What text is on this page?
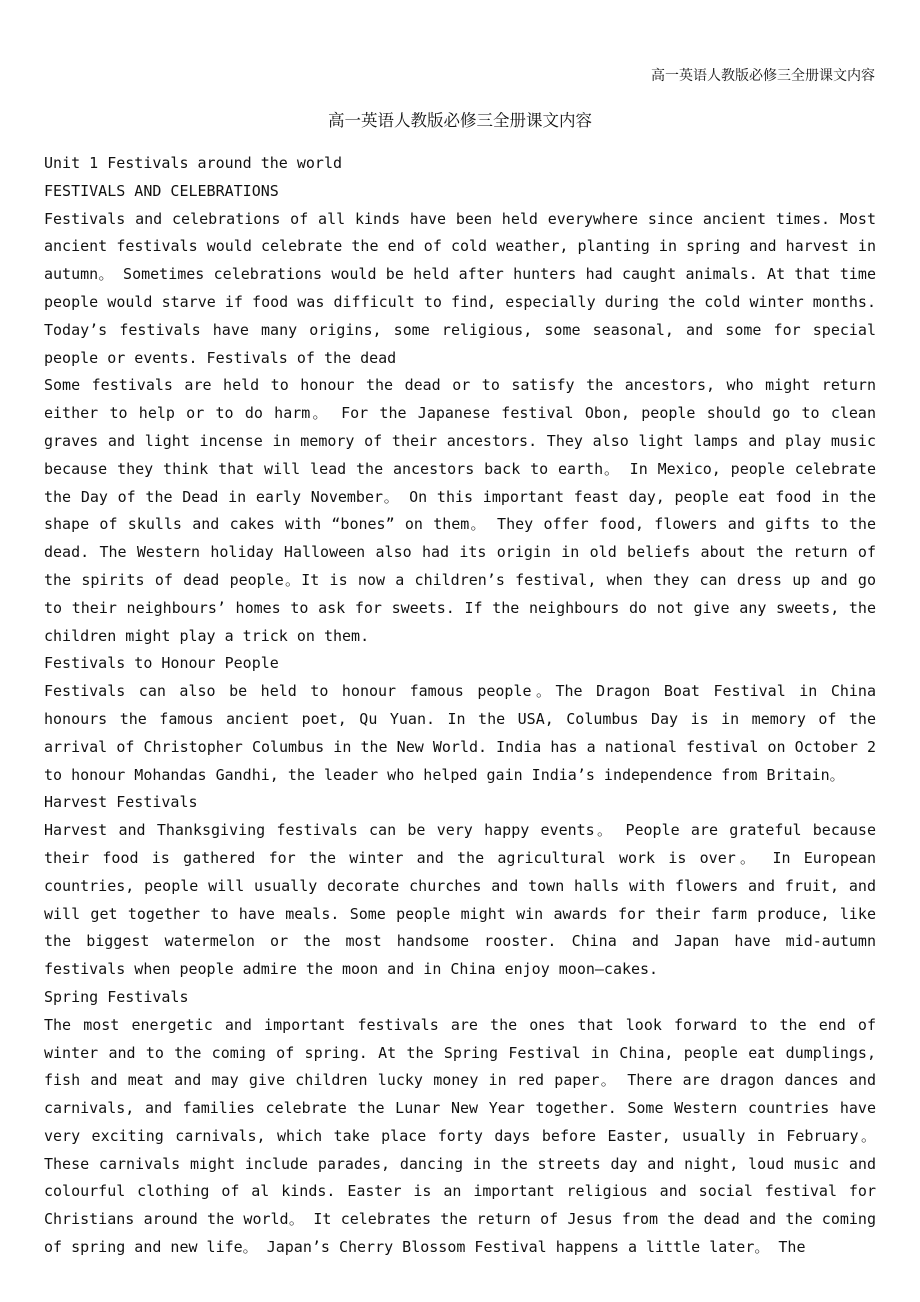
高一英语人教版必修三全册课文内容
高一英语人教版必修三全册课文内容

Unit 1 Festivals around the world

FESTIVALS AND CELEBRATIONS

Festivals and celebrations of all kinds have been held everywhere since ancient times. Most ancient festivals would celebrate the end of cold weather, planting in spring and harvest in autumn。 Sometimes celebrations would be held after hunters had caught animals. At that time people would starve if food was difficult to find, especially during the cold winter months. Today’s festivals have many origins, some religious, some seasonal, and some for special people or events. Festivals of the dead

Some festivals are held to honour the dead or to satisfy the ancestors, who might return either to help or to do harm。 For the Japanese festival Obon, people should go to clean graves and light incense in memory of their ancestors. They also light lamps and play music because they think that will lead the ancestors back to earth。 In Mexico, people celebrate the Day of the Dead in early November。 On this important feast day, people eat food in the shape of skulls and cakes with “bones” on them。 They offer food, flowers and gifts to the dead. The Western holiday Halloween also had its origin in old beliefs about the return of the spirits of dead people。It is now a children’s festival, when they can dress up and go to their neighbours’ homes to ask for sweets. If the neighbours do not give any sweets, the children might play a trick on them.

Festivals to Honour People

Festivals can also be held to honour famous people。The Dragon Boat Festival in China honours the famous ancient poet, Qu Yuan. In the USA, Columbus Day is in memory of the arrival of Christopher Columbus in the New World. India has a national festival on October 2 to honour Mohandas Gandhi, the leader who helped gain India’s independence from Britain。

Harvest Festivals

Harvest and Thanksgiving festivals can be very happy events。 People are grateful because their food is gathered for the winter and the agricultural work is over。 In European countries, people will usually decorate churches and town halls with flowers and fruit, and will get together to have meals. Some people might win awards for their farm produce, like the biggest watermelon or the most handsome rooster. China and Japan have mid-autumn festivals when people admire the moon and in China enjoy moon—cakes.

Spring Festivals

The most energetic and important festivals are the ones that look forward to the end of winter and to the coming of spring. At the Spring Festival in China, people eat dumplings, fish and meat and may give children lucky money in red paper。 There are dragon dances and carnivals, and families celebrate the Lunar New Year together. Some Western countries have very exciting carnivals, which take place forty days before Easter, usually in February。 These carnivals might include parades, dancing in the streets day and night, loud music and colourful clothing of al kinds. Easter is an important religious and social festival for Christians around the world。 It celebrates the return of Jesus from the dead and the coming of spring and new life。 Japan’s Cherry Blossom Festival happens a little later。 The
